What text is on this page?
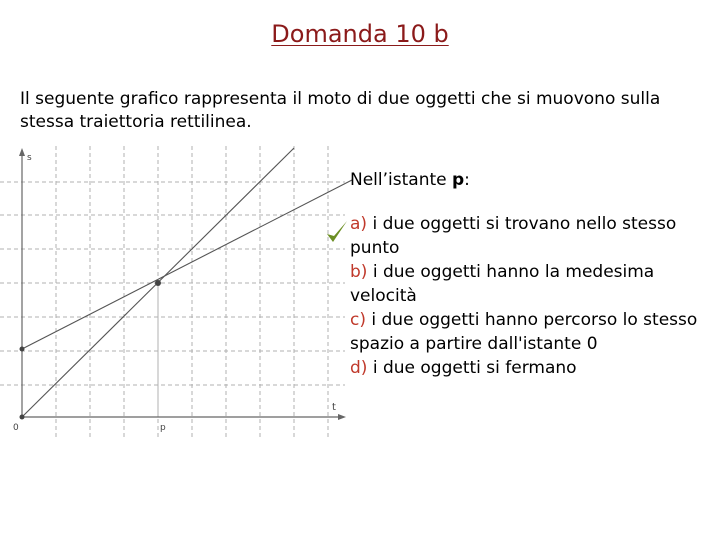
Domanda 10 b
Il seguente grafico rappresenta il moto di due oggetti che si muovono sulla stessa traiettoria rettilinea.
s
t
0	p
Nell’istante p:
a) i due oggetti si trovano nello stesso punto
b) i due oggetti hanno la medesima velocità
c) i due oggetti hanno percorso lo stesso spazio a partire dall'istante 0
d) i due oggetti si fermano
